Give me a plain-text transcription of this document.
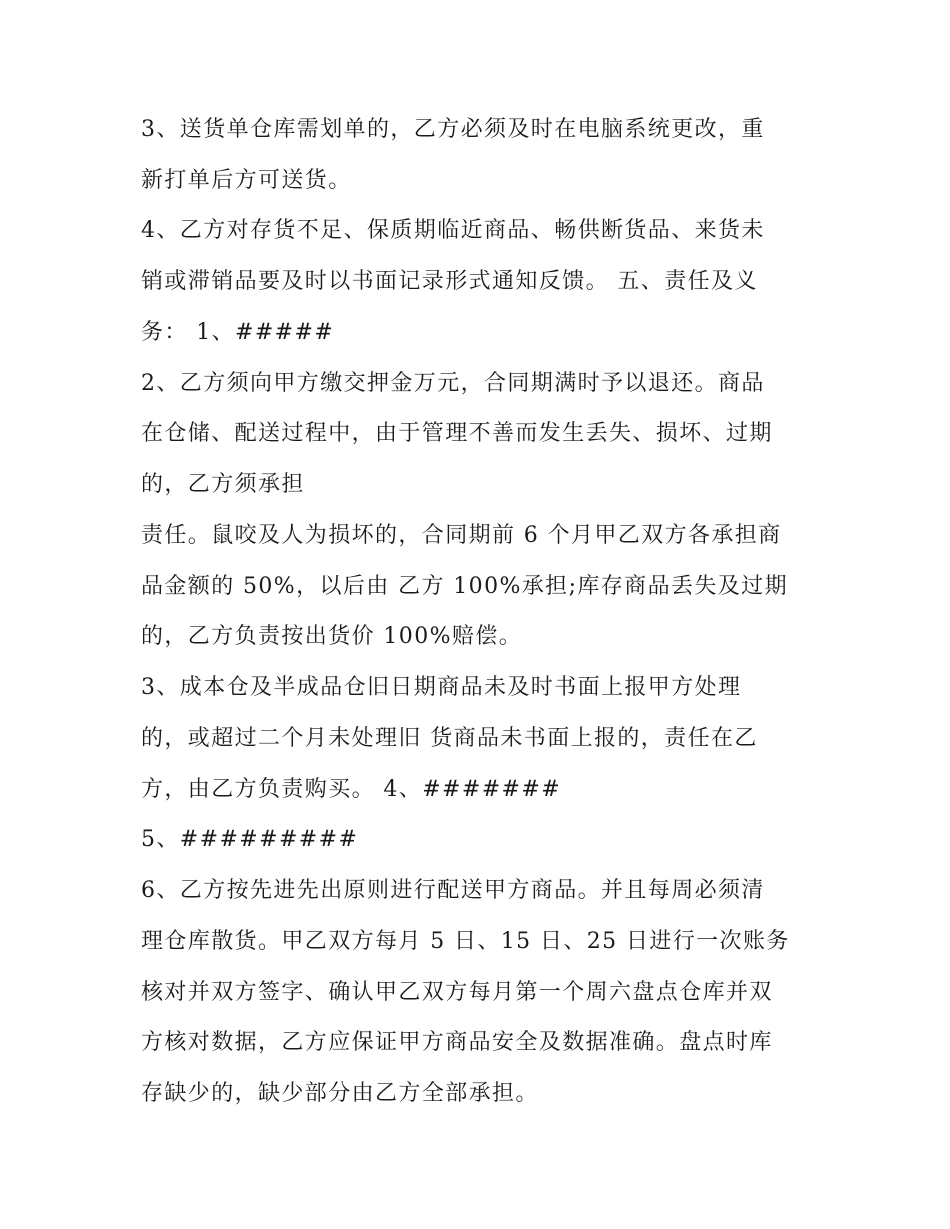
3、送货单仓库需划单的，乙方必须及时在电脑系统更改，重
新打单后方可送货。
4、乙方对存货不足、保质期临近商品、畅供断货品、来货未
销或滞销品要及时以书面记录形式通知反馈。 五、责任及义
务： 1、#####
2、乙方须向甲方缴交押金万元，合同期满时予以退还。商品
在仓储、配送过程中，由于管理不善而发生丢失、损坏、过期
的，乙方须承担
责任。鼠咬及人为损坏的，合同期前 6 个月甲乙双方各承担商
品金额的 50%，以后由 乙方 100%承担;库存商品丢失及过期
的，乙方负责按出货价 100%赔偿。
3、成本仓及半成品仓旧日期商品未及时书面上报甲方处理
的，或超过二个月未处理旧 货商品未书面上报的，责任在乙
方，由乙方负责购买。 4、#######
5、#########
6、乙方按先进先出原则进行配送甲方商品。并且每周必须清
理仓库散货。甲乙双方每月 5 日、15 日、25 日进行一次账务
核对并双方签字、确认甲乙双方每月第一个周六盘点仓库并双
方核对数据，乙方应保证甲方商品安全及数据准确。盘点时库
存缺少的，缺少部分由乙方全部承担。
